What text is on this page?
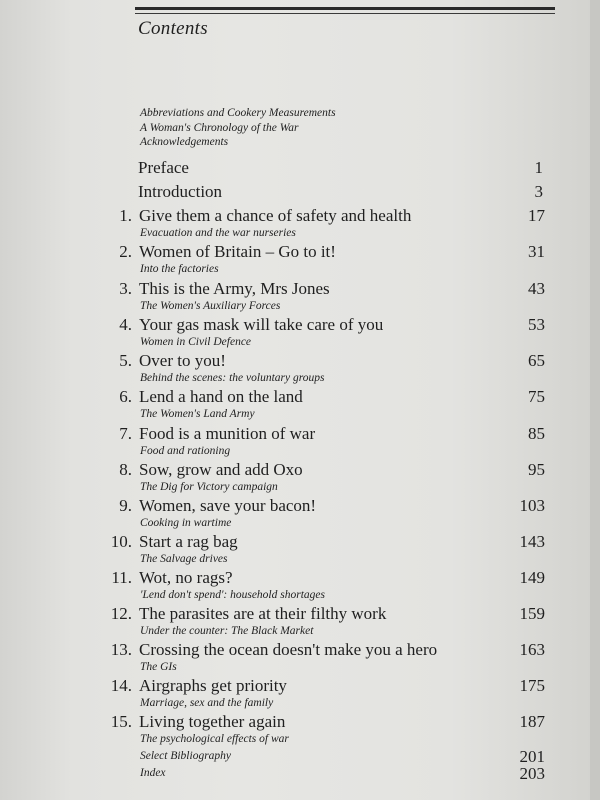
Contents
Abbreviations and Cookery Measurements
A Woman's Chronology of the War
Acknowledgements
Preface	1
Introduction	3
1. Give them a chance of safety and health	17
Evacuation and the war nurseries
2. Women of Britain – Go to it!	31
Into the factories
3. This is the Army, Mrs Jones	43
The Women's Auxiliary Forces
4. Your gas mask will take care of you	53
Women in Civil Defence
5. Over to you!	65
Behind the scenes: the voluntary groups
6. Lend a hand on the land	75
The Women's Land Army
7. Food is a munition of war	85
Food and rationing
8. Sow, grow and add Oxo	95
The Dig for Victory campaign
9. Women, save your bacon!	103
Cooking in wartime
10. Start a rag bag	143
The Salvage drives
11. Wot, no rags?	149
'Lend don't spend': household shortages
12. The parasites are at their filthy work	159
Under the counter: The Black Market
13. Crossing the ocean doesn't make you a hero	163
The GIs
14. Airgraphs get priority	175
Marriage, sex and the family
15. Living together again	187
The psychological effects of war
Select Bibliography	201
Index	203
